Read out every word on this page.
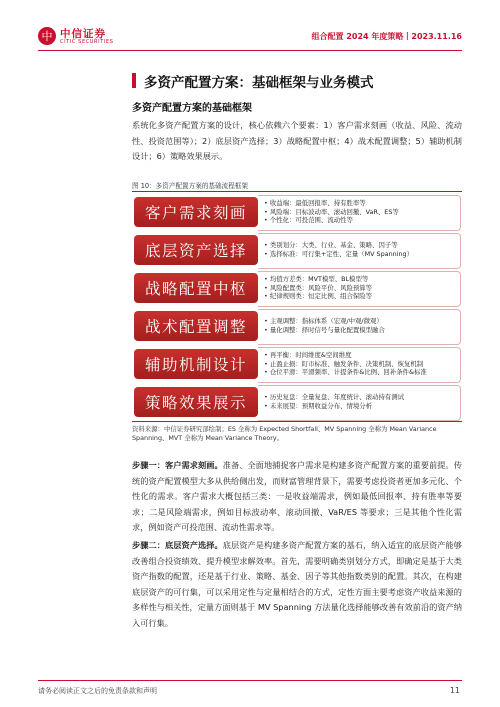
中 中信证券
CITIC SECURITIES
组合配置 2024 年度策略丨2023.11.16
多资产配置方案：基础框架与业务模式
多资产配置方案的基础框架
系统化多资产配置方案的设计，核心依赖六个要素：1）客户需求刻画（收益、风险、流动性、投资范围等）；2）底层资产选择；3）战略配置中枢；4）战术配置调整；5）辅助机制设计；6）策略效果展示。
图 10：多资产配置方案的基础流程框架
客户需求刻画
• 收益端：最低回报率、持有胜率等
• 风险端：目标波动率、滚动回撤、VaR、ES等
• 个性化：可投范围、流动性等
底层资产选择	• 类别划分：大类、行业、基金、策略、因子等
• 选择标准：可行集+定性、定量（MV Spanning）
战略配置中枢
• 均值方差类：MVT模型、BL模型等
• 风险配置类：风险平价、风险预算等
• 纪律规则类：恒定比例、组合保险等
战术配置调整	• 主观调整：指标体系（宏观/中观/微观）
• 量化调整：择时信号与量化配置模型融合
辅助机制设计
• 再平衡：时间维度&空间维度
• 止盈止损：盯市标准、触发条件、决策机制、恢复机制
• 仓位平滑：平滑频率、计提条件&比例、回补条件&标准
策略效果展示	• 历史复盘：全量复盘、年度统计、滚动持有测试
• 未来展望：预期收益分布、情境分析
资料来源：中信证券研究部绘制；ES 全称为 Expected Shortfall、MV Spanning 全称为 Mean Variance Spanning、MVT 全称为 Mean Variance Theory。
步骤一：客户需求刻画。准备、全面地捕捉客户需求是构建多资产配置方案的重要前提。传统的资产配置模型大多从供给侧出发，而财富管理背景下，需要考虑投资者更加多元化、个性化的需求。客户需求大概包括三类：一是收益端需求，例如最低回报率、持有胜率等要求；二是风险端需求，例如目标波动率、滚动回撤、VaR/ES 等要求；三是其他个性化需求，例如资产可投范围、流动性需求等。
步骤二：底层资产选择。底层资产是构建多资产配置方案的基石，纳入适宜的底层资产能够改善组合投资绩效、提升模型求解效率。首先，需要明确类别划分方式，即确定是基于大类资产指数的配置，还是基于行业、策略、基金、因子等其他指数类别的配置。其次，在构建底层资产的可行集，可以采用定性与定量相结合的方式，定性方面主要考虑资产收益来源的多样性与相关性，定量方面则基于 MV Spanning 方法量化选择能够改善有效前沿的资产纳入可行集。
请务必阅读正文之后的免责条款和声明	11
